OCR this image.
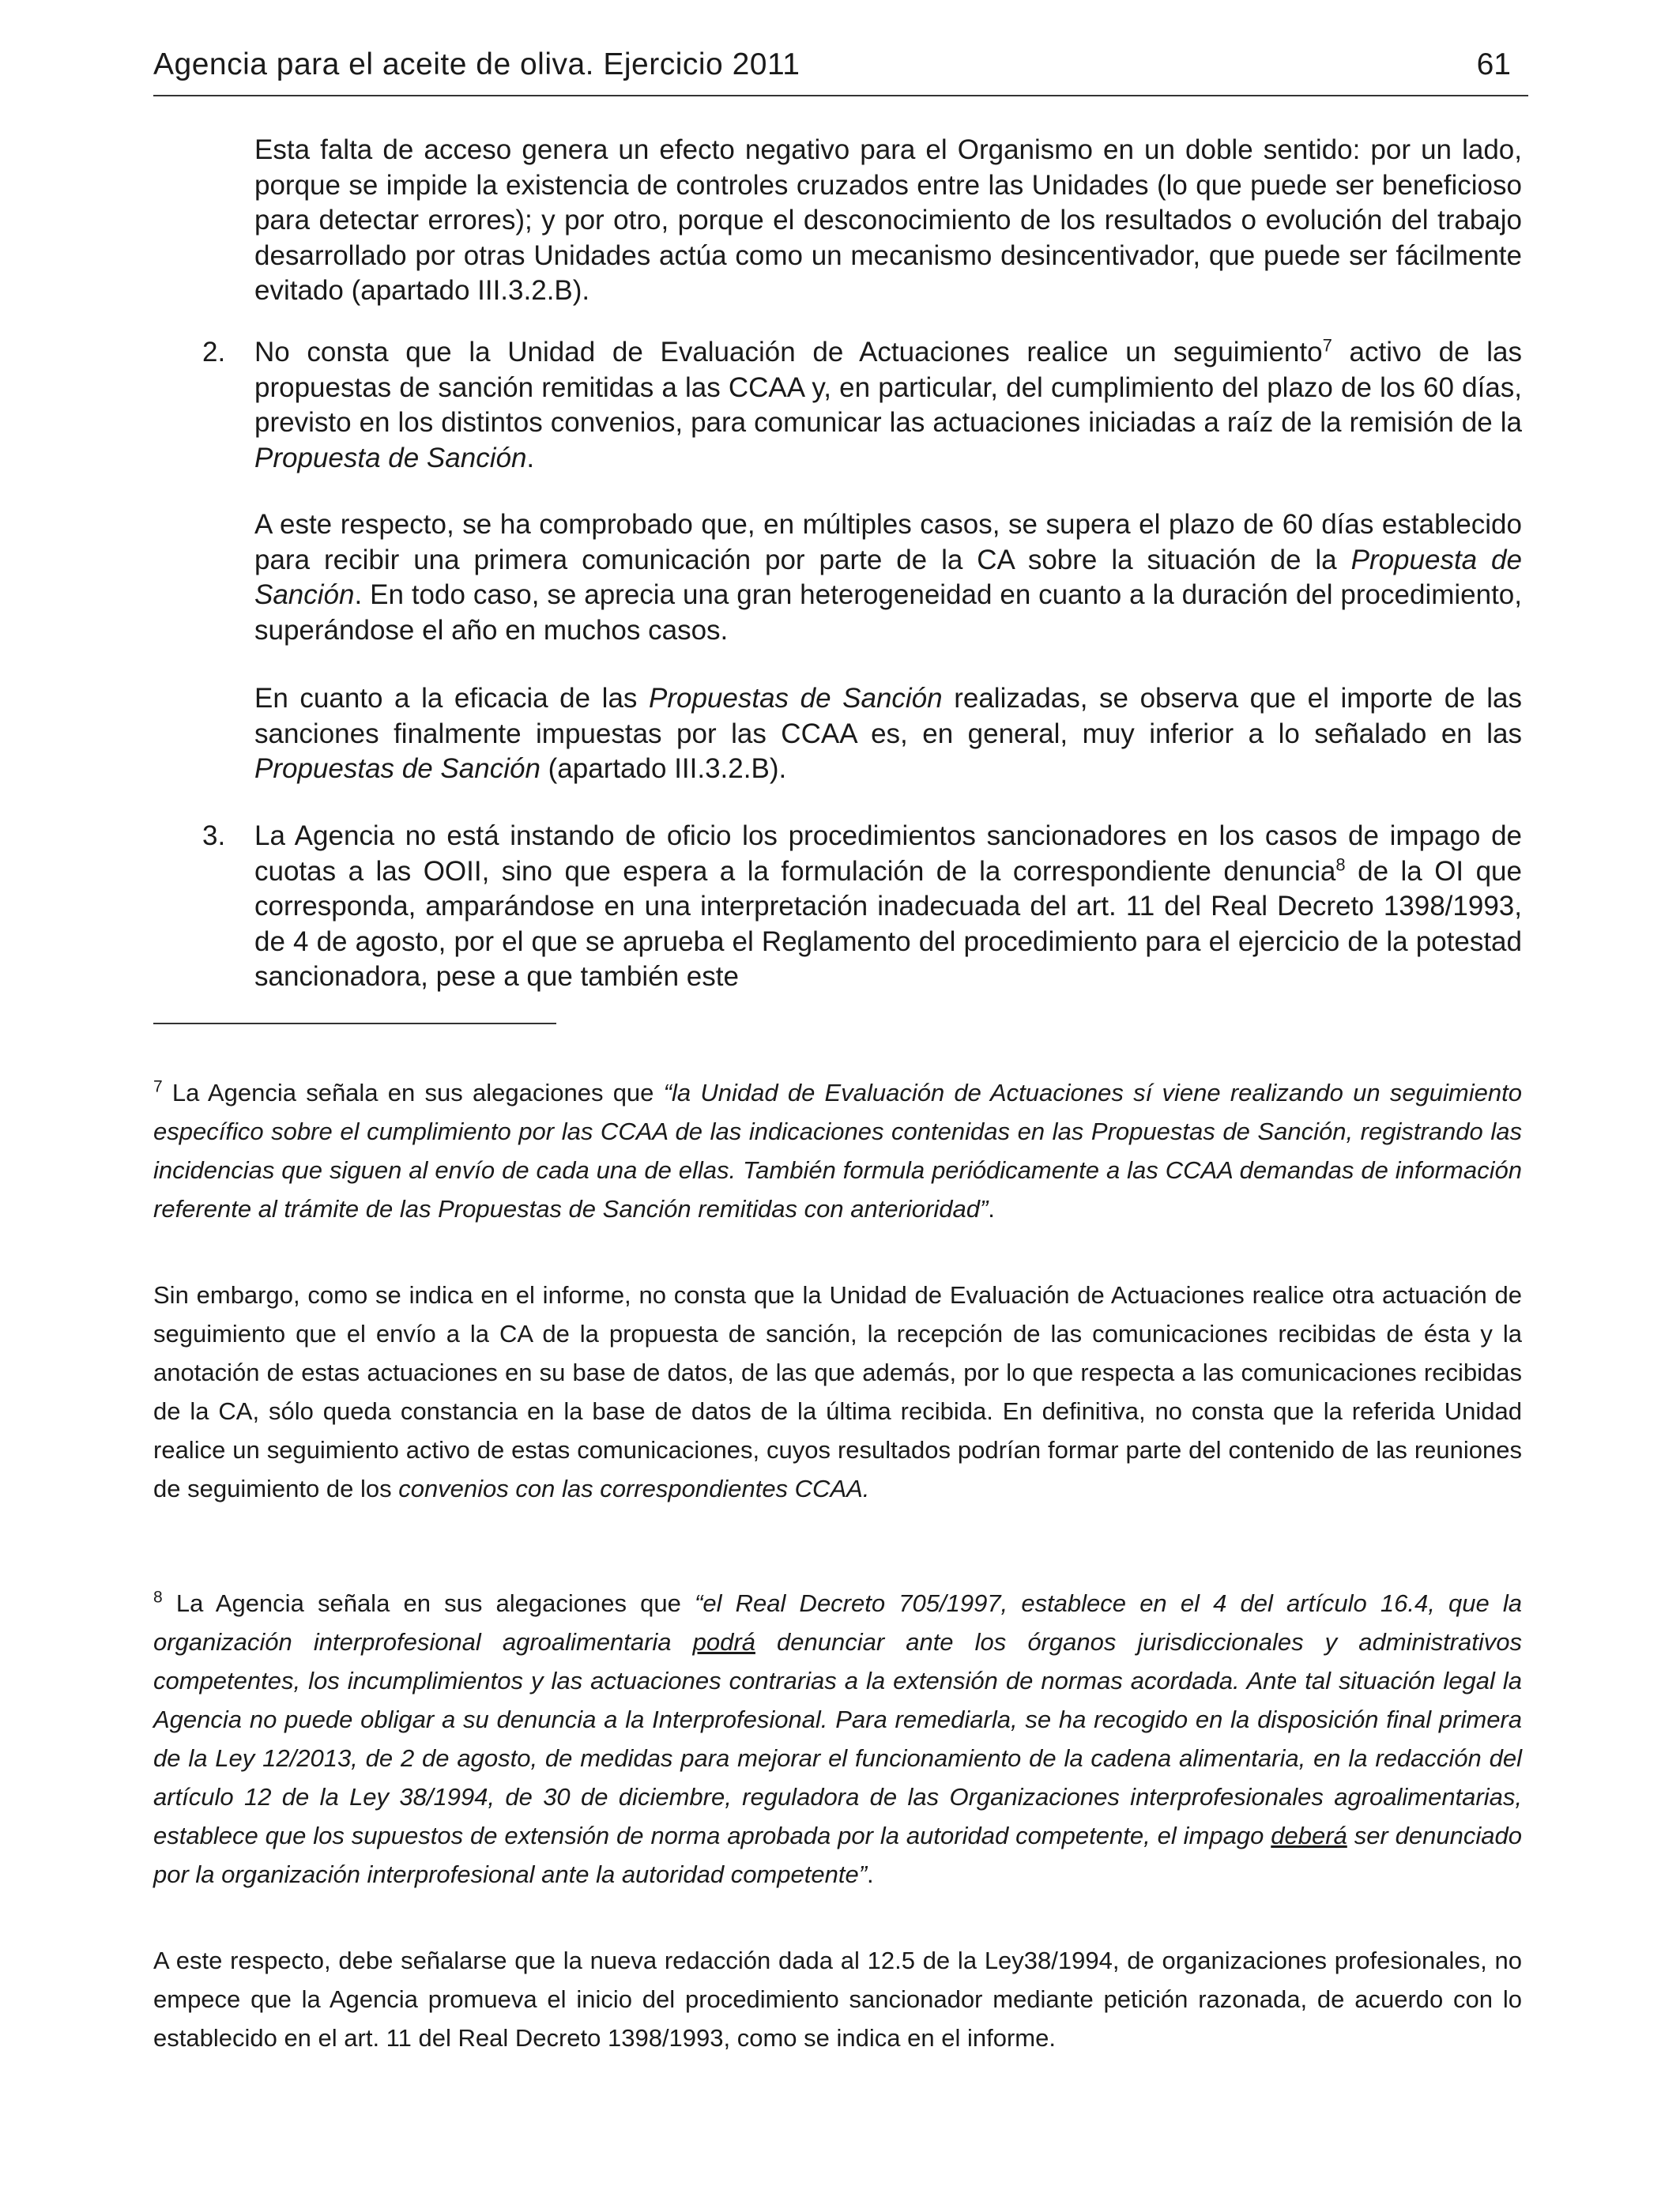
Agencia para el aceite de oliva. Ejercicio 2011	61

Esta falta de acceso genera un efecto negativo para el Organismo en un doble sentido: por un lado, porque se impide la existencia de controles cruzados entre las Unidades (lo que puede ser beneficioso para detectar errores); y por otro, porque el desconocimiento de los resultados o evolución del trabajo desarrollado por otras Unidades actúa como un mecanismo desincentivador, que puede ser fácilmente evitado (apartado III.3.2.B).

2.	No consta que la Unidad de Evaluación de Actuaciones realice un seguimiento$^7$ activo de las propuestas de sanción remitidas a las CCAA y, en particular, del cumplimiento del plazo de los 60 días, previsto en los distintos convenios, para comunicar las actuaciones iniciadas a raíz de la remisión de la Propuesta de Sanción.

A este respecto, se ha comprobado que, en múltiples casos, se supera el plazo de 60 días establecido para recibir una primera comunicación por parte de la CA sobre la situación de la Propuesta de Sanción. En todo caso, se aprecia una gran heterogeneidad en cuanto a la duración del procedimiento, superándose el año en muchos casos.

En cuanto a la eficacia de las Propuestas de Sanción realizadas, se observa que el importe de las sanciones finalmente impuestas por las CCAA es, en general, muy inferior a lo señalado en las Propuestas de Sanción (apartado III.3.2.B).

3.	La Agencia no está instando de oficio los procedimientos sancionadores en los casos de impago de cuotas a las OOII, sino que espera a la formulación de la correspondiente denuncia$^8$ de la OI que corresponda, amparándose en una interpretación inadecuada del art. 11 del Real Decreto 1398/1993, de 4 de agosto, por el que se aprueba el Reglamento del procedimiento para el ejercicio de la potestad sancionadora, pese a que también este

$^7$ La Agencia señala en sus alegaciones que “la Unidad de Evaluación de Actuaciones sí viene realizando un seguimiento específico sobre el cumplimiento por las CCAA de las indicaciones contenidas en las Propuestas de Sanción, registrando las incidencias que siguen al envío de cada una de ellas. También formula periódicamente a las CCAA demandas de información referente al trámite de las Propuestas de Sanción remitidas con anterioridad”.

Sin embargo, como se indica en el informe, no consta que la Unidad de Evaluación de Actuaciones realice otra actuación de seguimiento que el envío a la CA de la propuesta de sanción, la recepción de las comunicaciones recibidas de ésta y la anotación de estas actuaciones en su base de datos, de las que además, por lo que respecta a las comunicaciones recibidas de la CA, sólo queda constancia en la base de datos de la última recibida. En definitiva, no consta que la referida Unidad realice un seguimiento activo de estas comunicaciones, cuyos resultados podrían formar parte del contenido de las reuniones de seguimiento de los convenios con las correspondientes CCAA.

$^8$ La Agencia señala en sus alegaciones que “el Real Decreto 705/1997, establece en el 4 del artículo 16.4, que la organización interprofesional agroalimentaria podrá denunciar ante los órganos jurisdiccionales y administrativos competentes, los incumplimientos y las actuaciones contrarias a la extensión de normas acordada. Ante tal situación legal la Agencia no puede obligar a su denuncia a la Interprofesional. Para remediarla, se ha recogido en la disposición final primera de la Ley 12/2013, de 2 de agosto, de medidas para mejorar el funcionamiento de la cadena alimentaria, en la redacción del artículo 12 de la Ley 38/1994, de 30 de diciembre, reguladora de las Organizaciones interprofesionales agroalimentarias, establece que los supuestos de extensión de norma aprobada por la autoridad competente, el impago deberá ser denunciado por la organización interprofesional ante la autoridad competente”.

A este respecto, debe señalarse que la nueva redacción dada al 12.5 de la Ley38/1994, de organizaciones profesionales, no empece que la Agencia promueva el inicio del procedimiento sancionador mediante petición razonada, de acuerdo con lo establecido en el art. 11 del Real Decreto 1398/1993, como se indica en el informe.
